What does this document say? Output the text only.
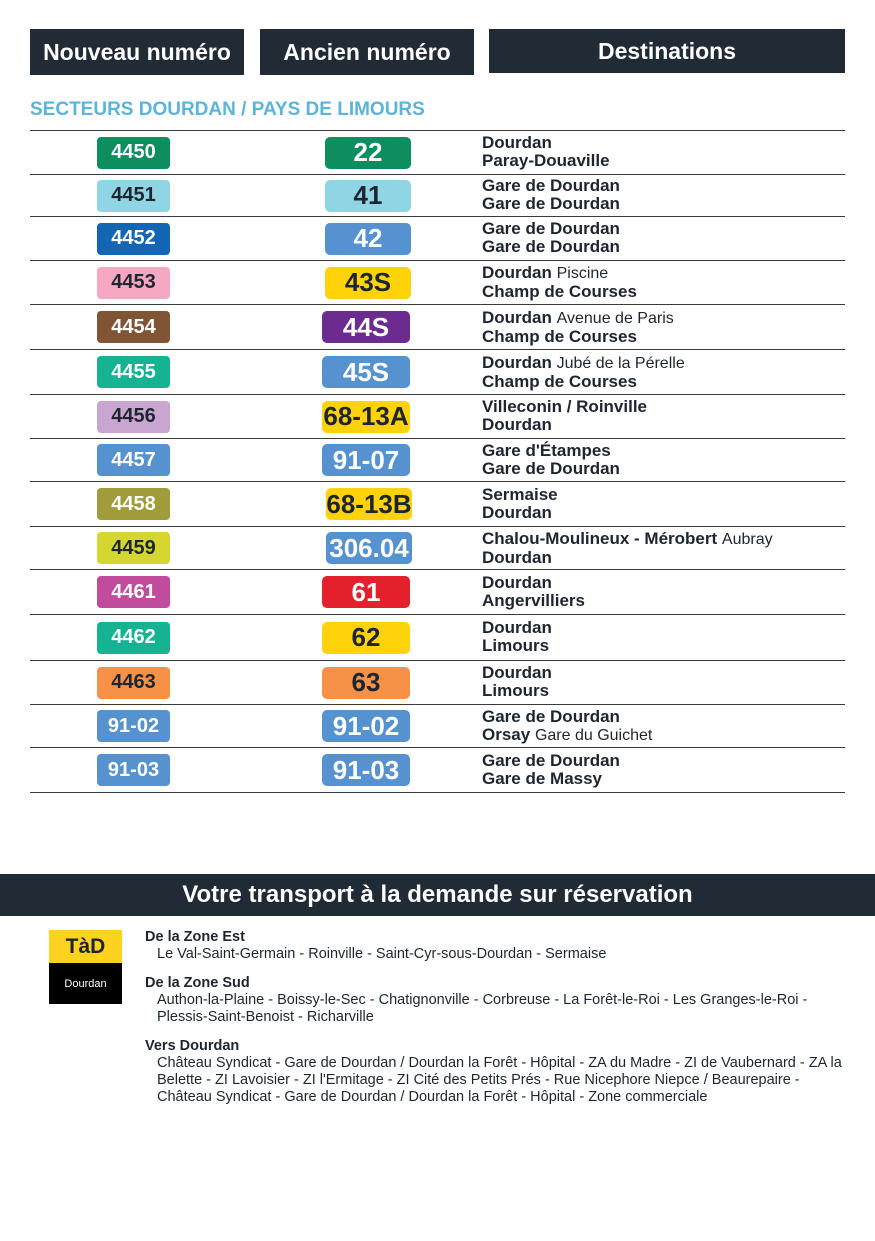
Nouveau numéro	Ancien numéro	Destinations
SECTEURS DOURDAN / PAYS DE LIMOURS
4450	22	Dourdan
Paray-Douaville
4451	41	Gare de Dourdan
Gare de Dourdan
4452	42	Gare de Dourdan
Gare de Dourdan
4453	43S	Dourdan Piscine
Champ de Courses
4454	44S	Dourdan Avenue de Paris
Champ de Courses
4455	45S	Dourdan Jubé de la Pérelle
Champ de Courses
4456	68-13A	Villeconin / Roinville
Dourdan
4457	91-07	Gare d'Étampes
Gare de Dourdan
4458	68-13B	Sermaise
Dourdan
4459	306.04	Chalou-Moulineux - Mérobert Aubray
Dourdan
4461	61	Dourdan
Angervilliers
4462	62	Dourdan
Limours
4463	63	Dourdan
Limours
91-02	91-02	Gare de Dourdan
Orsay Gare du Guichet
91-03	91-03	Gare de Dourdan
Gare de Massy
Votre transport à la demande sur réservation
TàD
Dourdan
De la Zone Est
Le Val-Saint-Germain - Roinville - Saint-Cyr-sous-Dourdan - Sermaise
De la Zone Sud
Authon-la-Plaine - Boissy-le-Sec - Chatignonville - Corbreuse - La Forêt-le-Roi - Les Granges-le-Roi - Plessis-Saint-Benoist - Richarville
Vers Dourdan
Château Syndicat - Gare de Dourdan / Dourdan la Forêt - Hôpital - ZA du Madre - ZI de Vaubernard - ZA la Belette - ZI Lavoisier - ZI l'Ermitage - ZI Cité des Petits Prés - Rue Nicephore Niepce / Beaurepaire - Château Syndicat - Gare de Dourdan / Dourdan la Forêt - Hôpital - Zone commerciale
